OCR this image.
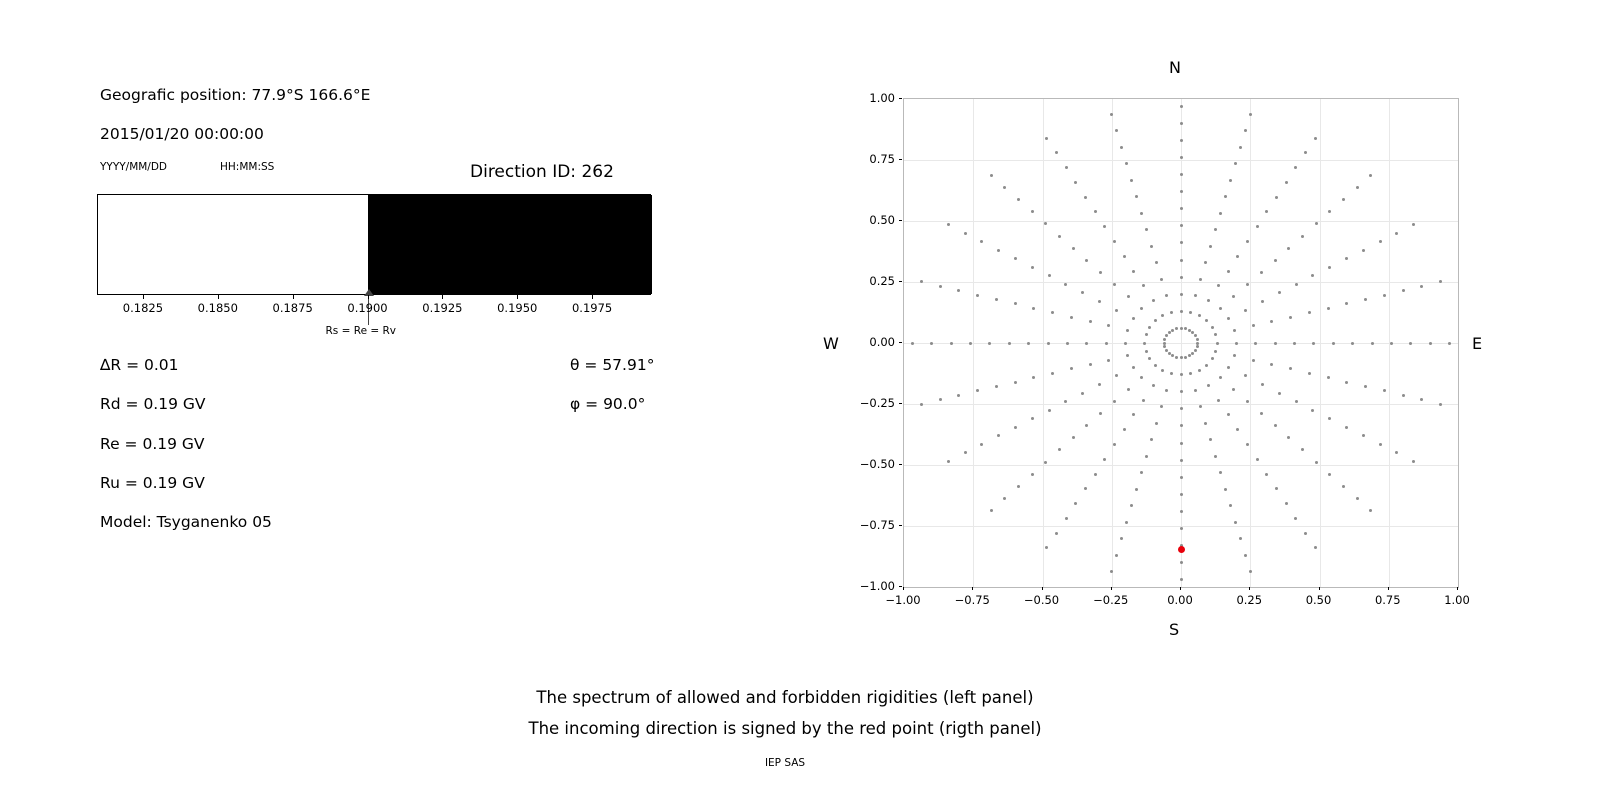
Geografic position: 77.9°S 166.6°E
2015/01/20 00:00:00
YYYY/MM/DD	HH:MM:SS	Direction ID: 262
Rs = Re = Rv
0.1825	0.1850	0.1875	0.1900	0.1925	0.1950	0.1975
∆R = 0.01
Rd = 0.19 GV
Re = 0.19 GV
Ru = 0.19 GV
Model: Tsyganenko 05
θ = 57.91°
φ = 90.0°
N
S
W	E
−1.00	−0.75	−0.50	−0.25	0.00	0.25	0.50	0.75	1.00
−1.00
−0.75
−0.50
−0.25
0.00
0.25
0.50
0.75
1.00
The spectrum of allowed and forbidden rigidities (left panel)
The incoming direction is signed by the red point (rigth panel)
IEP SAS
